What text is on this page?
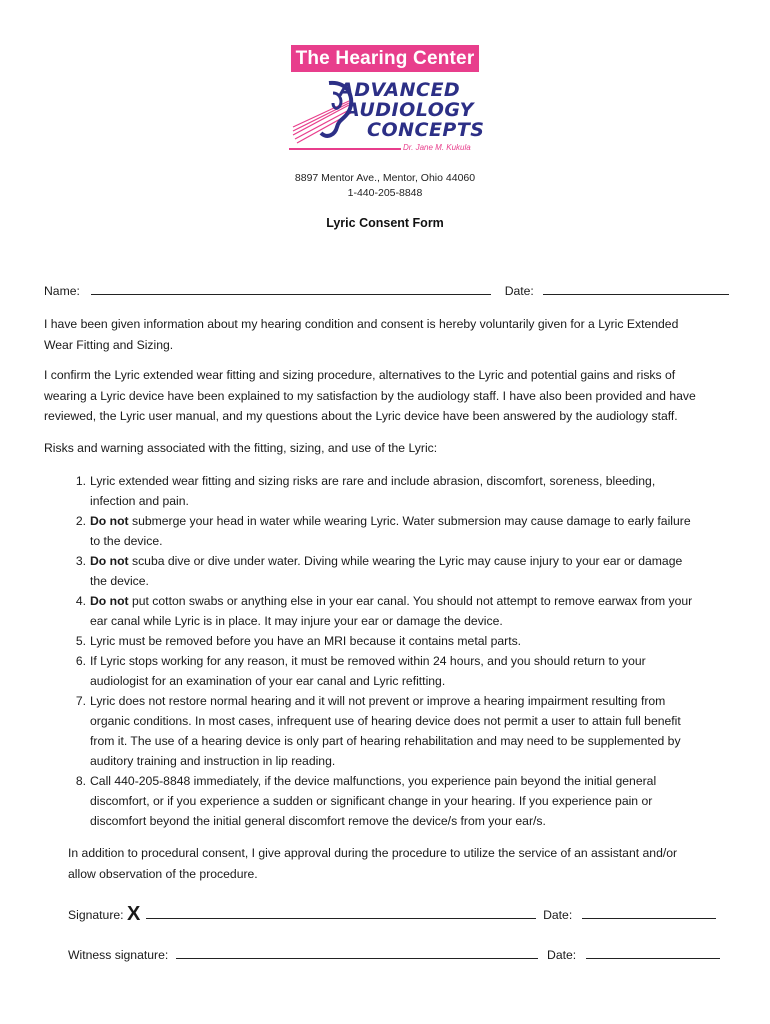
The Hearing Center
ADVANCED
AUDIOLOGY
CONCEPTS
Dr. Jane M. Kukula
8897 Mentor Ave., Mentor, Ohio 44060
1-440-205-8848
Lyric Consent Form
Name:	Date:
I have been given information about my hearing condition and consent is hereby voluntarily given for a Lyric Extended
Wear Fitting and Sizing.
I confirm the Lyric extended wear fitting and sizing procedure, alternatives to the Lyric and potential gains and risks of
wearing a Lyric device have been explained to my satisfaction by the audiology staff. I have also been provided and have
reviewed, the Lyric user manual, and my questions about the Lyric device have been answered by the audiology staff.
Risks and warning associated with the fitting, sizing, and use of the Lyric:
1. Lyric extended wear fitting and sizing risks are rare and include abrasion, discomfort, soreness, bleeding,
infection and pain.
2. Do not submerge your head in water while wearing Lyric. Water submersion may cause damage to early failure
to the device.
3. Do not scuba dive or dive under water. Diving while wearing the Lyric may cause injury to your ear or damage
the device.
4. Do not put cotton swabs or anything else in your ear canal. You should not attempt to remove earwax from your
ear canal while Lyric is in place. It may injure your ear or damage the device.
5. Lyric must be removed before you have an MRI because it contains metal parts.
6. If Lyric stops working for any reason, it must be removed within 24 hours, and you should return to your
audiologist for an examination of your ear canal and Lyric refitting.
7. Lyric does not restore normal hearing and it will not prevent or improve a hearing impairment resulting from
organic conditions. In most cases, infrequent use of hearing device does not permit a user to attain full benefit
from it. The use of a hearing device is only part of hearing rehabilitation and may need to be supplemented by
auditory training and instruction in lip reading.
8. Call 440-205-8848 immediately, if the device malfunctions, you experience pain beyond the initial general
discomfort, or if you experience a sudden or significant change in your hearing. If you experience pain or
discomfort beyond the initial general discomfort remove the device/s from your ear/s.
In addition to procedural consent, I give approval during the procedure to utilize the service of an assistant and/or
allow observation of the procedure.
Signature: X	Date:
Witness signature:	Date:
